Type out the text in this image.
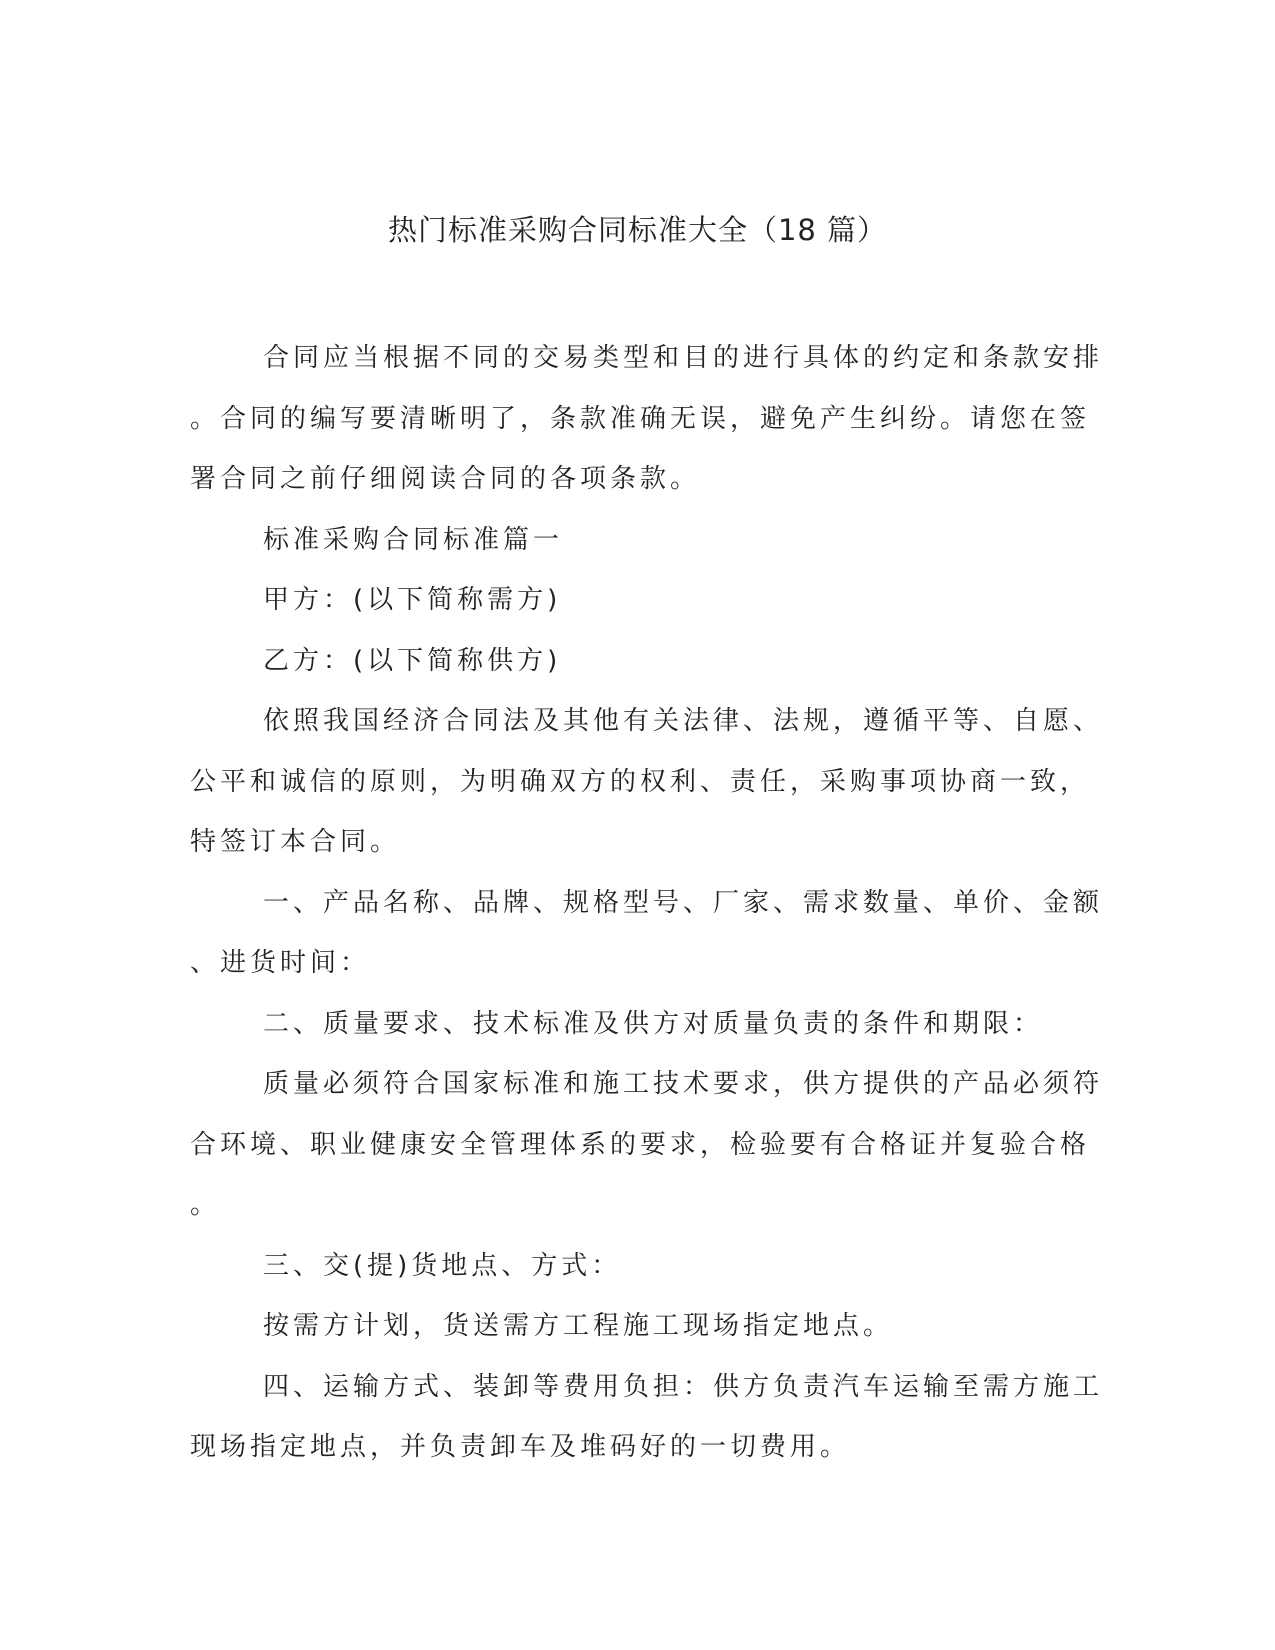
热门标准采购合同标准大全（18 篇）
合同应当根据不同的交易类型和目的进行具体的约定和条款安排
。合同的编写要清晰明了，条款准确无误，避免产生纠纷。请您在签
署合同之前仔细阅读合同的各项条款。
标准采购合同标准篇一
甲方：(以下简称需方)
乙方：(以下简称供方)
依照我国经济合同法及其他有关法律、法规，遵循平等、自愿、
公平和诚信的原则，为明确双方的权利、责任，采购事项协商一致，
特签订本合同。
一、产品名称、品牌、规格型号、厂家、需求数量、单价、金额
、进货时间：
二、质量要求、技术标准及供方对质量负责的条件和期限：
质量必须符合国家标准和施工技术要求，供方提供的产品必须符
合环境、职业健康安全管理体系的要求，检验要有合格证并复验合格
。
三、交(提)货地点、方式：
按需方计划，货送需方工程施工现场指定地点。
四、运输方式、装卸等费用负担：供方负责汽车运输至需方施工
现场指定地点，并负责卸车及堆码好的一切费用。
